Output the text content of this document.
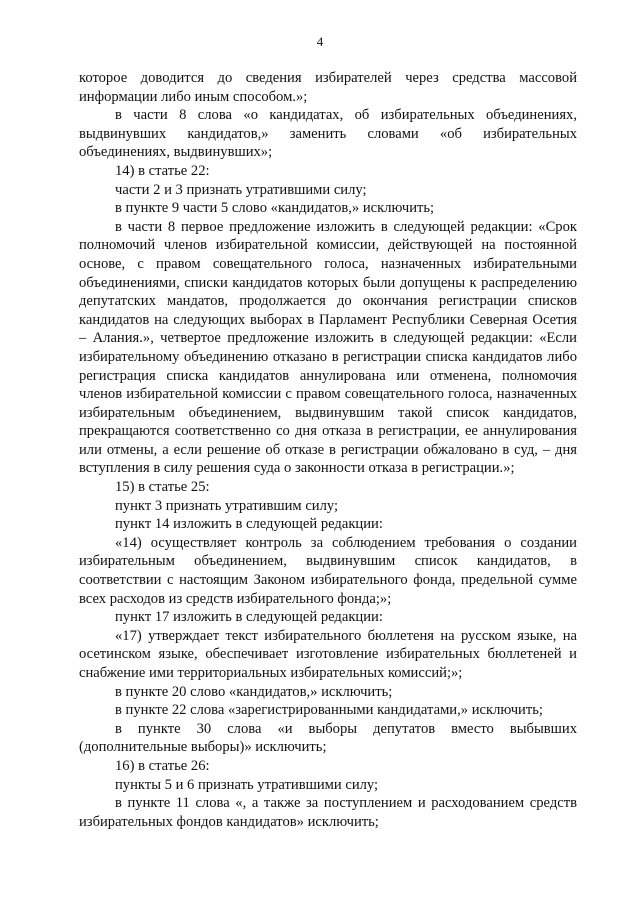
4

которое доводится до сведения избирателей через средства массовой информации либо иным способом.»;

в части 8 слова «о кандидатах, об избирательных объединениях, выдвинувших кандидатов,» заменить словами «об избирательных объединениях, выдвинувших»;

14) в статье 22:

части 2 и 3 признать утратившими силу;

в пункте 9 части 5 слово «кандидатов,» исключить;

в части 8 первое предложение изложить в следующей редакции: «Срок полномочий членов избирательной комиссии, действующей на постоянной основе, с правом совещательного голоса, назначенных избирательными объединениями, списки кандидатов которых были допущены к распределению депутатских мандатов, продолжается до окончания регистрации списков кандидатов на следующих выборах в Парламент Республики Северная Осетия – Алания.», четвертое предложение изложить в следующей редакции: «Если избирательному объединению отказано в регистрации списка кандидатов либо регистрация списка кандидатов аннулирована или отменена, полномочия членов избирательной комиссии с правом совещательного голоса, назначенных избирательным объединением, выдвинувшим такой список кандидатов, прекращаются соответственно со дня отказа в регистрации, ее аннулирования или отмены, а если решение об отказе в регистрации обжаловано в суд, – дня вступления в силу решения суда о законности отказа в регистрации.»;

15) в статье 25:

пункт 3 признать утратившим силу;

пункт 14 изложить в следующей редакции:

«14) осуществляет контроль за соблюдением требования о создании избирательным объединением, выдвинувшим список кандидатов, в соответствии с настоящим Законом избирательного фонда, предельной сумме всех расходов из средств избирательного фонда;»;

пункт 17 изложить в следующей редакции:

«17) утверждает текст избирательного бюллетеня на русском языке, на осетинском языке, обеспечивает изготовление избирательных бюллетеней и снабжение ими территориальных избирательных комиссий;»;

в пункте 20 слово «кандидатов,» исключить;

в пункте 22 слова «зарегистрированными кандидатами,» исключить;

в пункте 30 слова «и выборы депутатов вместо выбывших (дополнительные выборы)» исключить;

16) в статье 26:

пункты 5 и 6 признать утратившими силу;

в пункте 11 слова «, а также за поступлением и расходованием средств избирательных фондов кандидатов» исключить;
